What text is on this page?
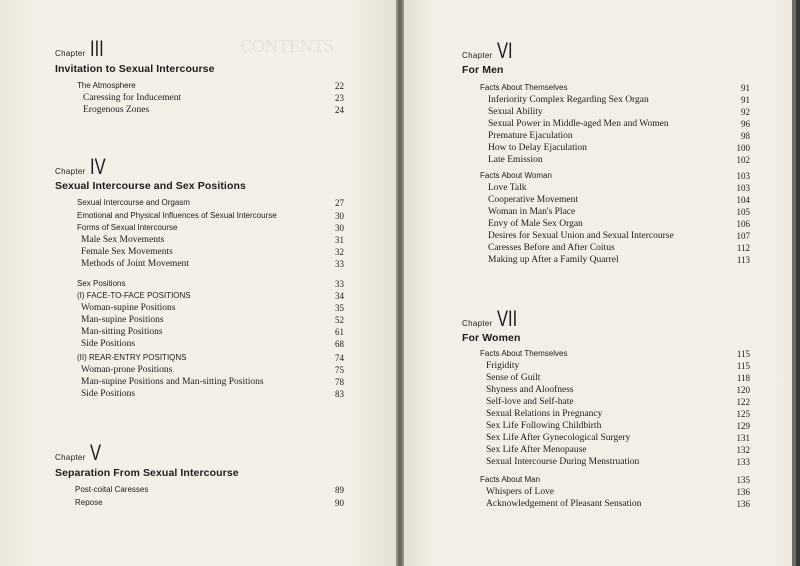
CONTENTS
Chapter III
Invitation to Sexual Intercourse
The Atmosphere	22
Caressing for Inducement	23
Erogenous Zones	24
Chapter IV
Sexual Intercourse and Sex Positions
Sexual Intercourse and Orgasm	27
Emotional and Physical Influences of Sexual Intercourse	30
Forms of Sexual Intercourse	30
Male Sex Movements	31
Female Sex Movements	32
Methods of Joint Movement	33
Sex Positions	33
(I) FACE-TO-FACE POSITIONS	34
Woman-supine Positions	35
Man-supine Positions	52
Man-sitting Positions	61
Side Positions	68
(II) REAR-ENTRY POSITIQNS	74
Woman-prone Positions	75
Man-supine Positions and Man-sitting Positions	78
Side Positions	83
Chapter V
Separation From Sexual Intercourse
Post-coital Caresses	89
Repose	90
Chapter VI
For Men
Facts About Themselves	91
Inferiority Complex Regarding Sex Organ	91
Sexual Ability	92
Sexual Power in Middle-aged Men and Women	96
Premature Ejaculation	98
How to Delay Ejaculation	100
Late Emission	102
Facts About Woman	103
Love Talk	103
Cooperative Movement	104
Woman in Man's Place	105
Envy of Male Sex Organ	106
Desires for Sexual Union and Sexual Intercourse	107
Caresses Before and After Coitus	112
Making up After a Family Quarrel	113
Chapter VII
For Women
Facts About Themselves	115
Frigidity	115
Sense of Guilt	118
Shyness and Aloofness	120
Self-love and Self-hate	122
Sexual Relations in Pregnancy	125
Sex Life Following Childbirth	129
Sex Life After Gynecological Surgery	131
Sex Life After Menopause	132
Sexual Intercourse During Menstruation	133
Facts About Man	135
Whispers of Love	136
Acknowledgement of Pleasant Sensation	136
